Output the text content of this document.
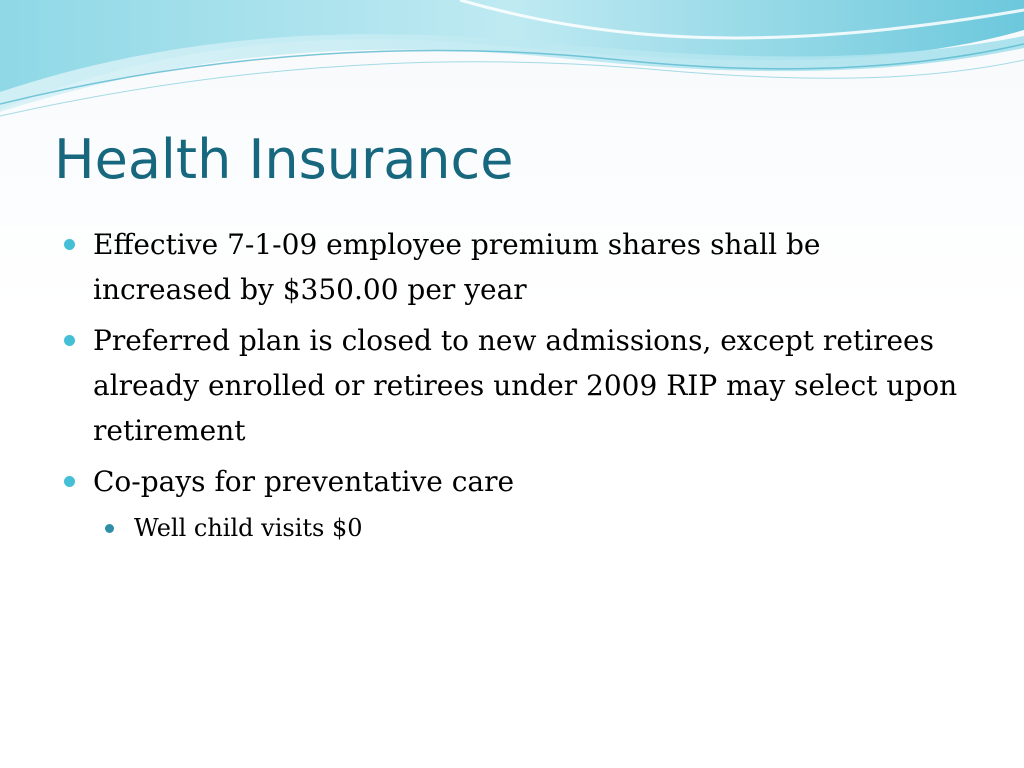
Health Insurance
Effective 7-1-09 employee premium shares shall be increased by $350.00 per year
Preferred plan is closed to new admissions, except retirees already enrolled or retirees under 2009 RIP may select upon retirement
Co-pays for preventative care
Well child visits $0
